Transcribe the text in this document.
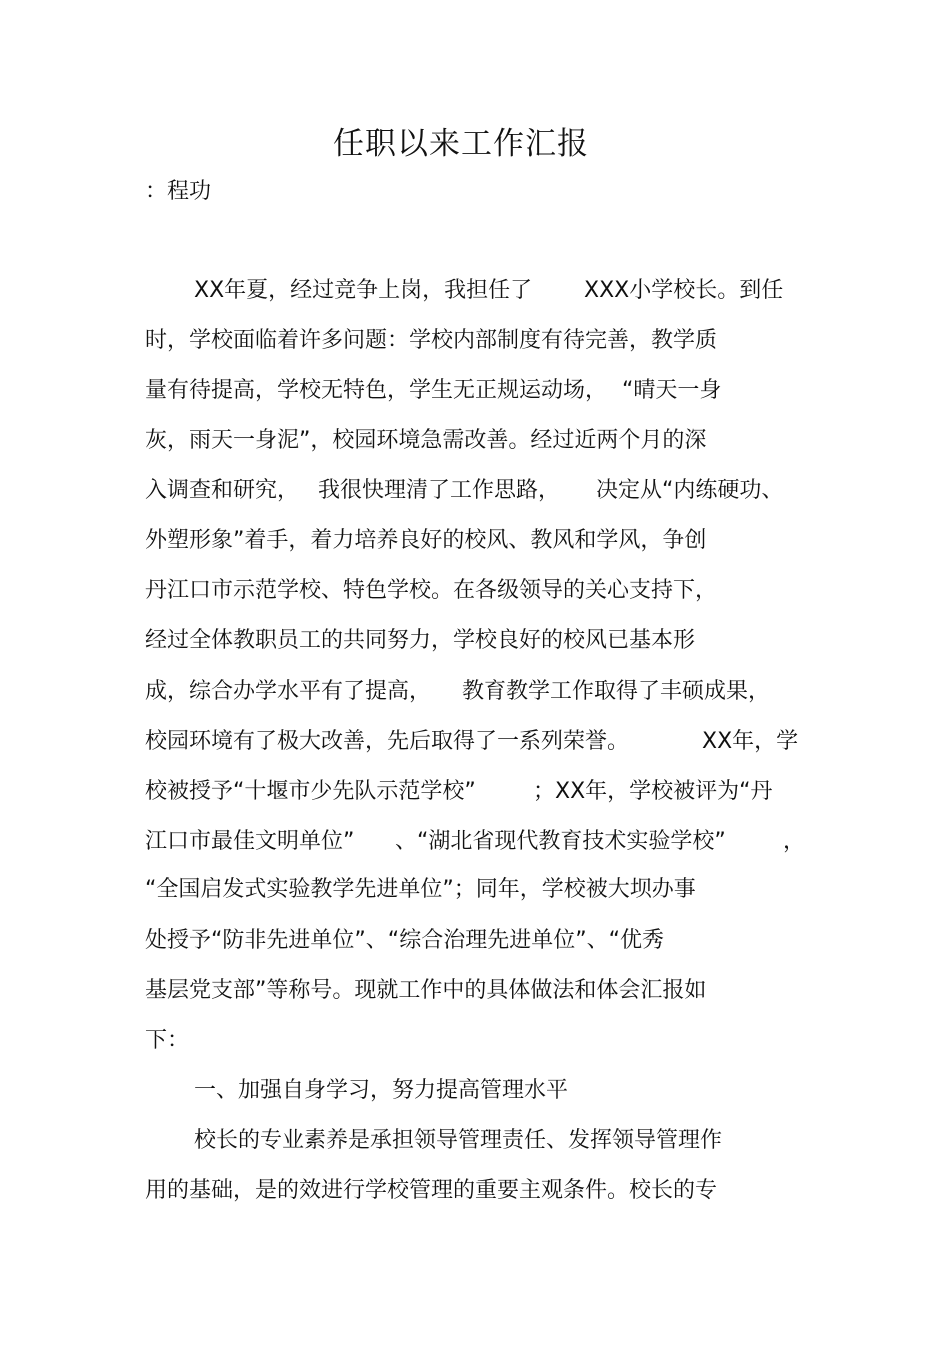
任职以来工作汇报
：程功
XX年夏，经过竞争上岗，我担任了 XXX小学校长。到任
时，学校面临着许多问题：学校内部制度有待完善，教学质
量有待提高，学校无特色，学生无正规运动场， “晴天一身
灰，雨天一身泥”，校园环境急需改善。经过近两个月的深
入调查和研究， 我很快理清了工作思路， 决定从“内练硬功、
外塑形象”着手，着力培养良好的校风、教风和学风，争创
丹江口市示范学校、特色学校。在各级领导的关心支持下，
经过全体教职员工的共同努力，学校良好的校风已基本形
成，综合办学水平有了提高， 教育教学工作取得了丰硕成果，
校园环境有了极大改善，先后取得了一系列荣誉。	XX年，学
校被授予“十堰市少先队示范学校”	；XX年，学校被评为“丹
江口市最佳文明单位” 、“湖北省现代教育技术实验学校”	，
“全国启发式实验教学先进单位”；同年，学校被大坝办事
处授予“防非先进单位”、“综合治理先进单位”、“优秀
基层党支部”等称号。现就工作中的具体做法和体会汇报如
下：
一、加强自身学习，努力提高管理水平
校长的专业素养是承担领导管理责任、发挥领导管理作
用的基础，是的效进行学校管理的重要主观条件。校长的专
